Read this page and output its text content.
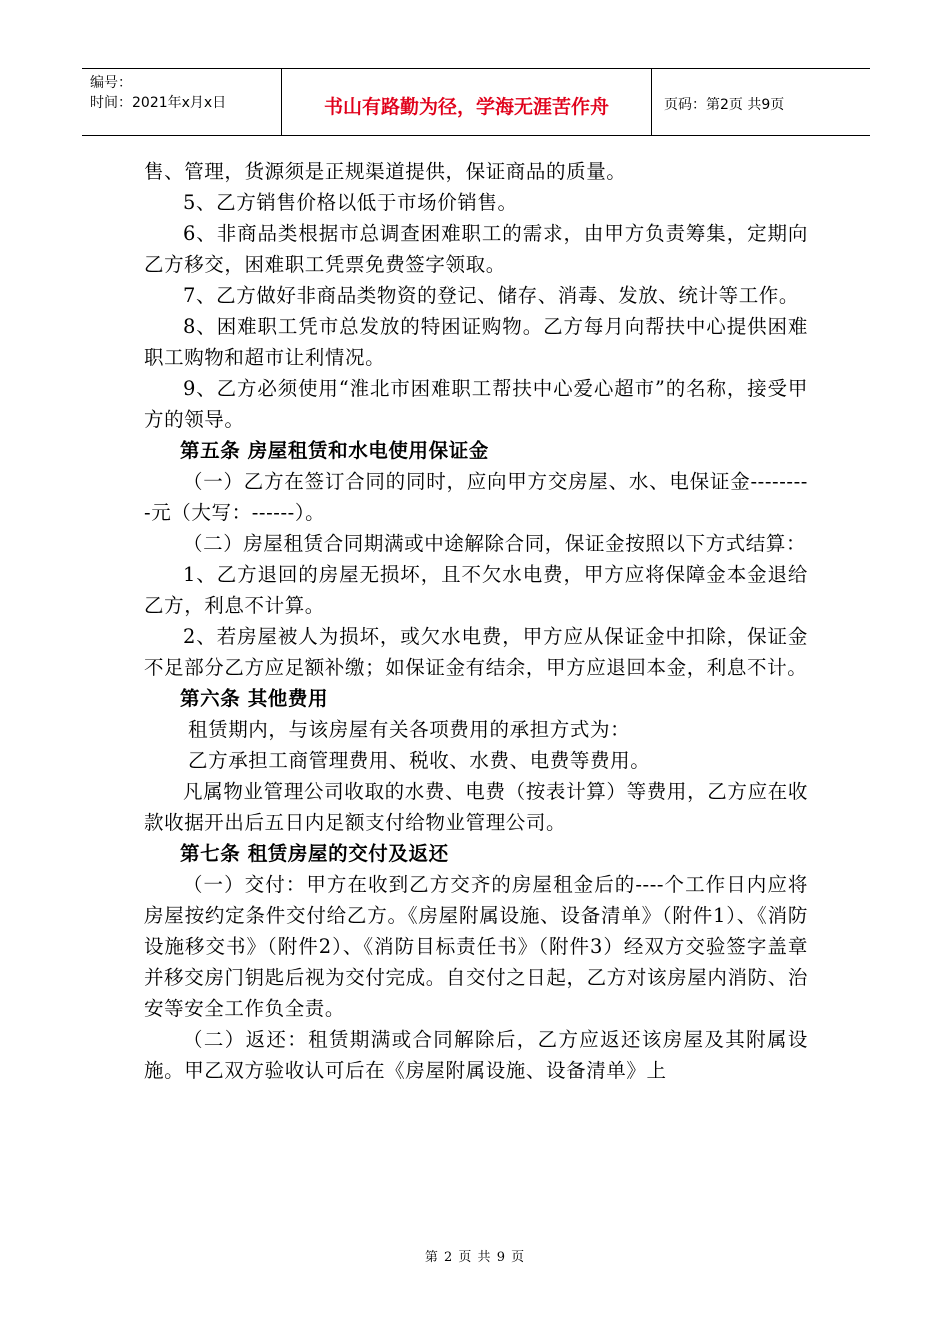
编号：
时间：2021年x月x日	书山有路勤为径，学海无涯苦作舟	页码：第2页 共9页

售、管理，货源须是正规渠道提供，保证商品的质量。

5、乙方销售价格以低于市场价销售。

6、非商品类根据市总调查困难职工的需求，由甲方负责筹集，定期向乙方移交，困难职工凭票免费签字领取。

7、乙方做好非商品类物资的登记、储存、消毒、发放、统计等工作。

8、困难职工凭市总发放的特困证购物。乙方每月向帮扶中心提供困难职工购物和超市让利情况。

9、乙方必须使用“淮北市困难职工帮扶中心爱心超市”的名称，接受甲方的领导。

第五条 房屋租赁和水电使用保证金

（一）乙方在签订合同的同时，应向甲方交房屋、水、电保证金---------元（大写：------）。

（二）房屋租赁合同期满或中途解除合同，保证金按照以下方式结算：

1、乙方退回的房屋无损坏，且不欠水电费，甲方应将保障金本金退给乙方，利息不计算。

2、若房屋被人为损坏，或欠水电费，甲方应从保证金中扣除，保证金不足部分乙方应足额补缴；如保证金有结余，甲方应退回本金，利息不计。

第六条 其他费用

租赁期内，与该房屋有关各项费用的承担方式为：

乙方承担工商管理费用、税收、水费、电费等费用。

凡属物业管理公司收取的水费、电费（按表计算）等费用，乙方应在收款收据开出后五日内足额支付给物业管理公司。

第七条 租赁房屋的交付及返还

（一）交付：甲方在收到乙方交齐的房屋租金后的----个工作日内应将房屋按约定条件交付给乙方。《房屋附属设施、设备清单》（附件1）、《消防设施移交书》（附件2）、《消防目标责任书》（附件3）经双方交验签字盖章并移交房门钥匙后视为交付完成。自交付之日起，乙方对该房屋内消防、治安等安全工作负全责。

（二）返还：租赁期满或合同解除后，乙方应返还该房屋及其附属设施。甲乙双方验收认可后在《房屋附属设施、设备清单》上

第 2 页 共 9 页
